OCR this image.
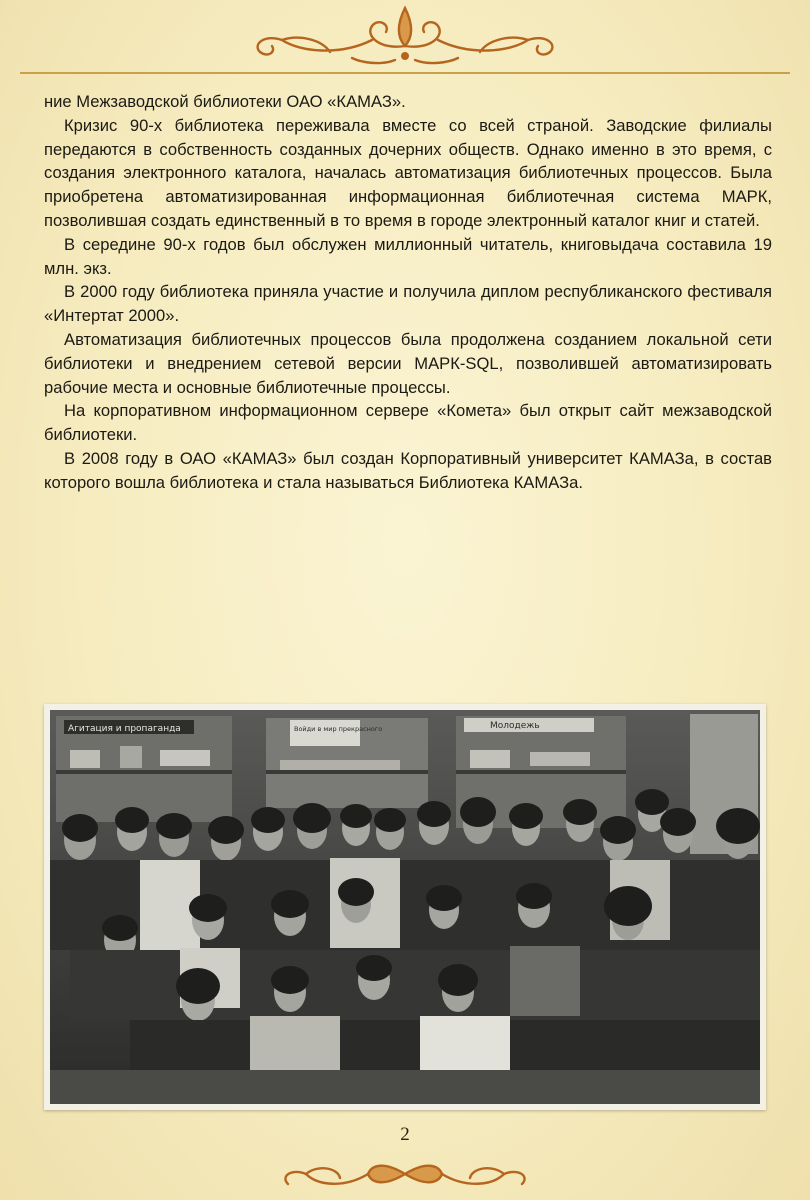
ние Межзаводской библиотеки ОАО «КАМАЗ».

Кризис 90-х библиотека переживала вместе со всей страной. Заводские филиалы передаются в собственность созданных дочерних обществ. Однако именно в это время, с создания электронного каталога, началась автоматизация библиотечных процессов. Была приобретена автоматизированная информационная библиотечная система МАРК, позволившая создать единственный в то время в городе электронный каталог книг и статей.

В середине 90-х годов был обслужен миллионный читатель, книговыдача составила 19 млн. экз.

В 2000 году библиотека приняла участие и получила диплом республиканского фестиваля «Интертат 2000».

Автоматизация библиотечных процессов была продолжена созданием локальной сети библиотеки и внедрением сетевой версии МАРК-SQL, позволившей автоматизировать рабочие места и основные библиотечные процессы.

На корпоративном информационном сервере «Комета» был открыт сайт межзаводской библиотеки.

В 2008 году в ОАО «КАМАЗ» был создан Корпоративный университет КАМАЗа, в состав которого вошла библиотека и стала называться Библиотека КАМАЗа.

Агитация и пропаганда	Войди в мир прекрасного	Молодежь
2
